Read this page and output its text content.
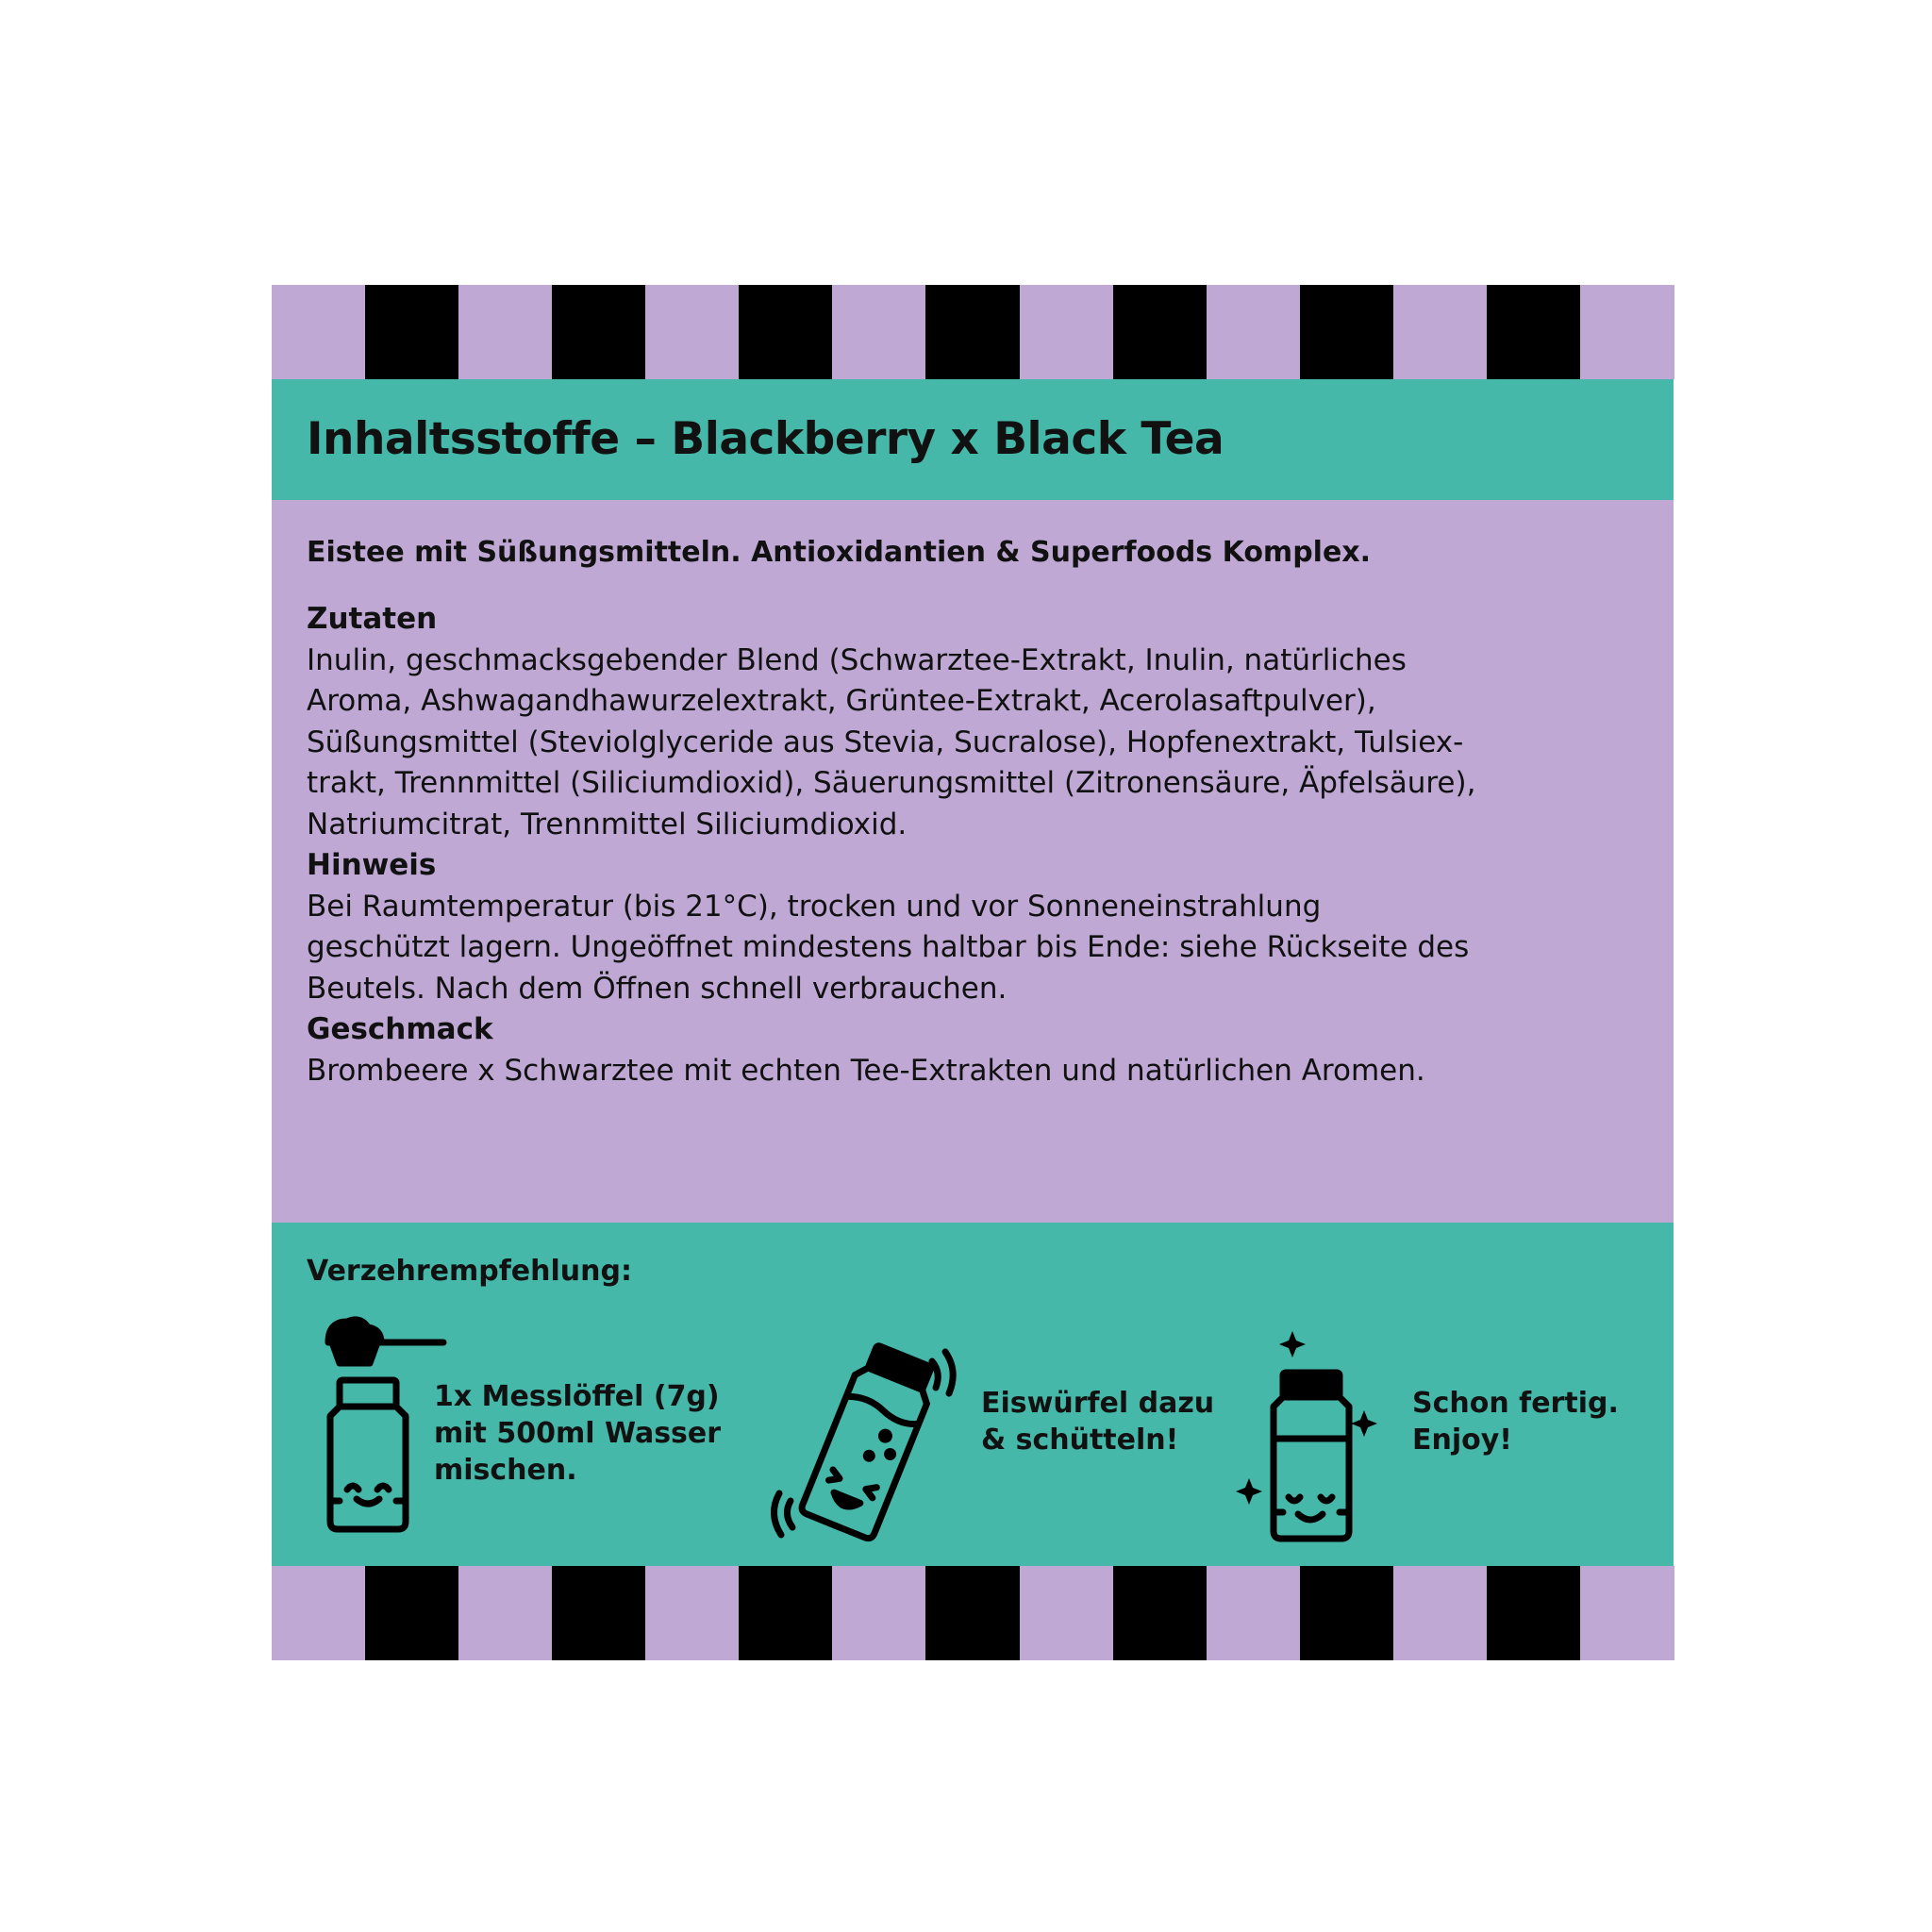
Inhaltsstoffe – Blackberry x Black Tea
Eistee mit Süßungsmitteln. Antioxidantien & Superfoods Komplex.
Zutaten
Inulin, geschmacksgebender Blend (Schwarztee-Extrakt, Inulin, natürliches
Aroma, Ashwagandhawurzelextrakt, Grüntee-Extrakt, Acerolasaftpulver),
Süßungsmittel (Steviolglyceride aus Stevia, Sucralose), Hopfenextrakt, Tulsiex-
trakt, Trennmittel (Siliciumdioxid), Säuerungsmittel (Zitronensäure, Äpfelsäure),
Natriumcitrat, Trennmittel Siliciumdioxid.
Hinweis
Bei Raumtemperatur (bis 21°C), trocken und vor Sonneneinstrahlung
geschützt lagern. Ungeöffnet mindestens haltbar bis Ende: siehe Rückseite des
Beutels. Nach dem Öffnen schnell verbrauchen.
Geschmack
Brombeere x Schwarztee mit echten Tee-Extrakten und natürlichen Aromen.
Verzehrempfehlung:
1x Messlöffel (7g)
mit 500ml Wasser
mischen.
Eiswürfel dazu
& schütteln!
Schon fertig.
Enjoy!
